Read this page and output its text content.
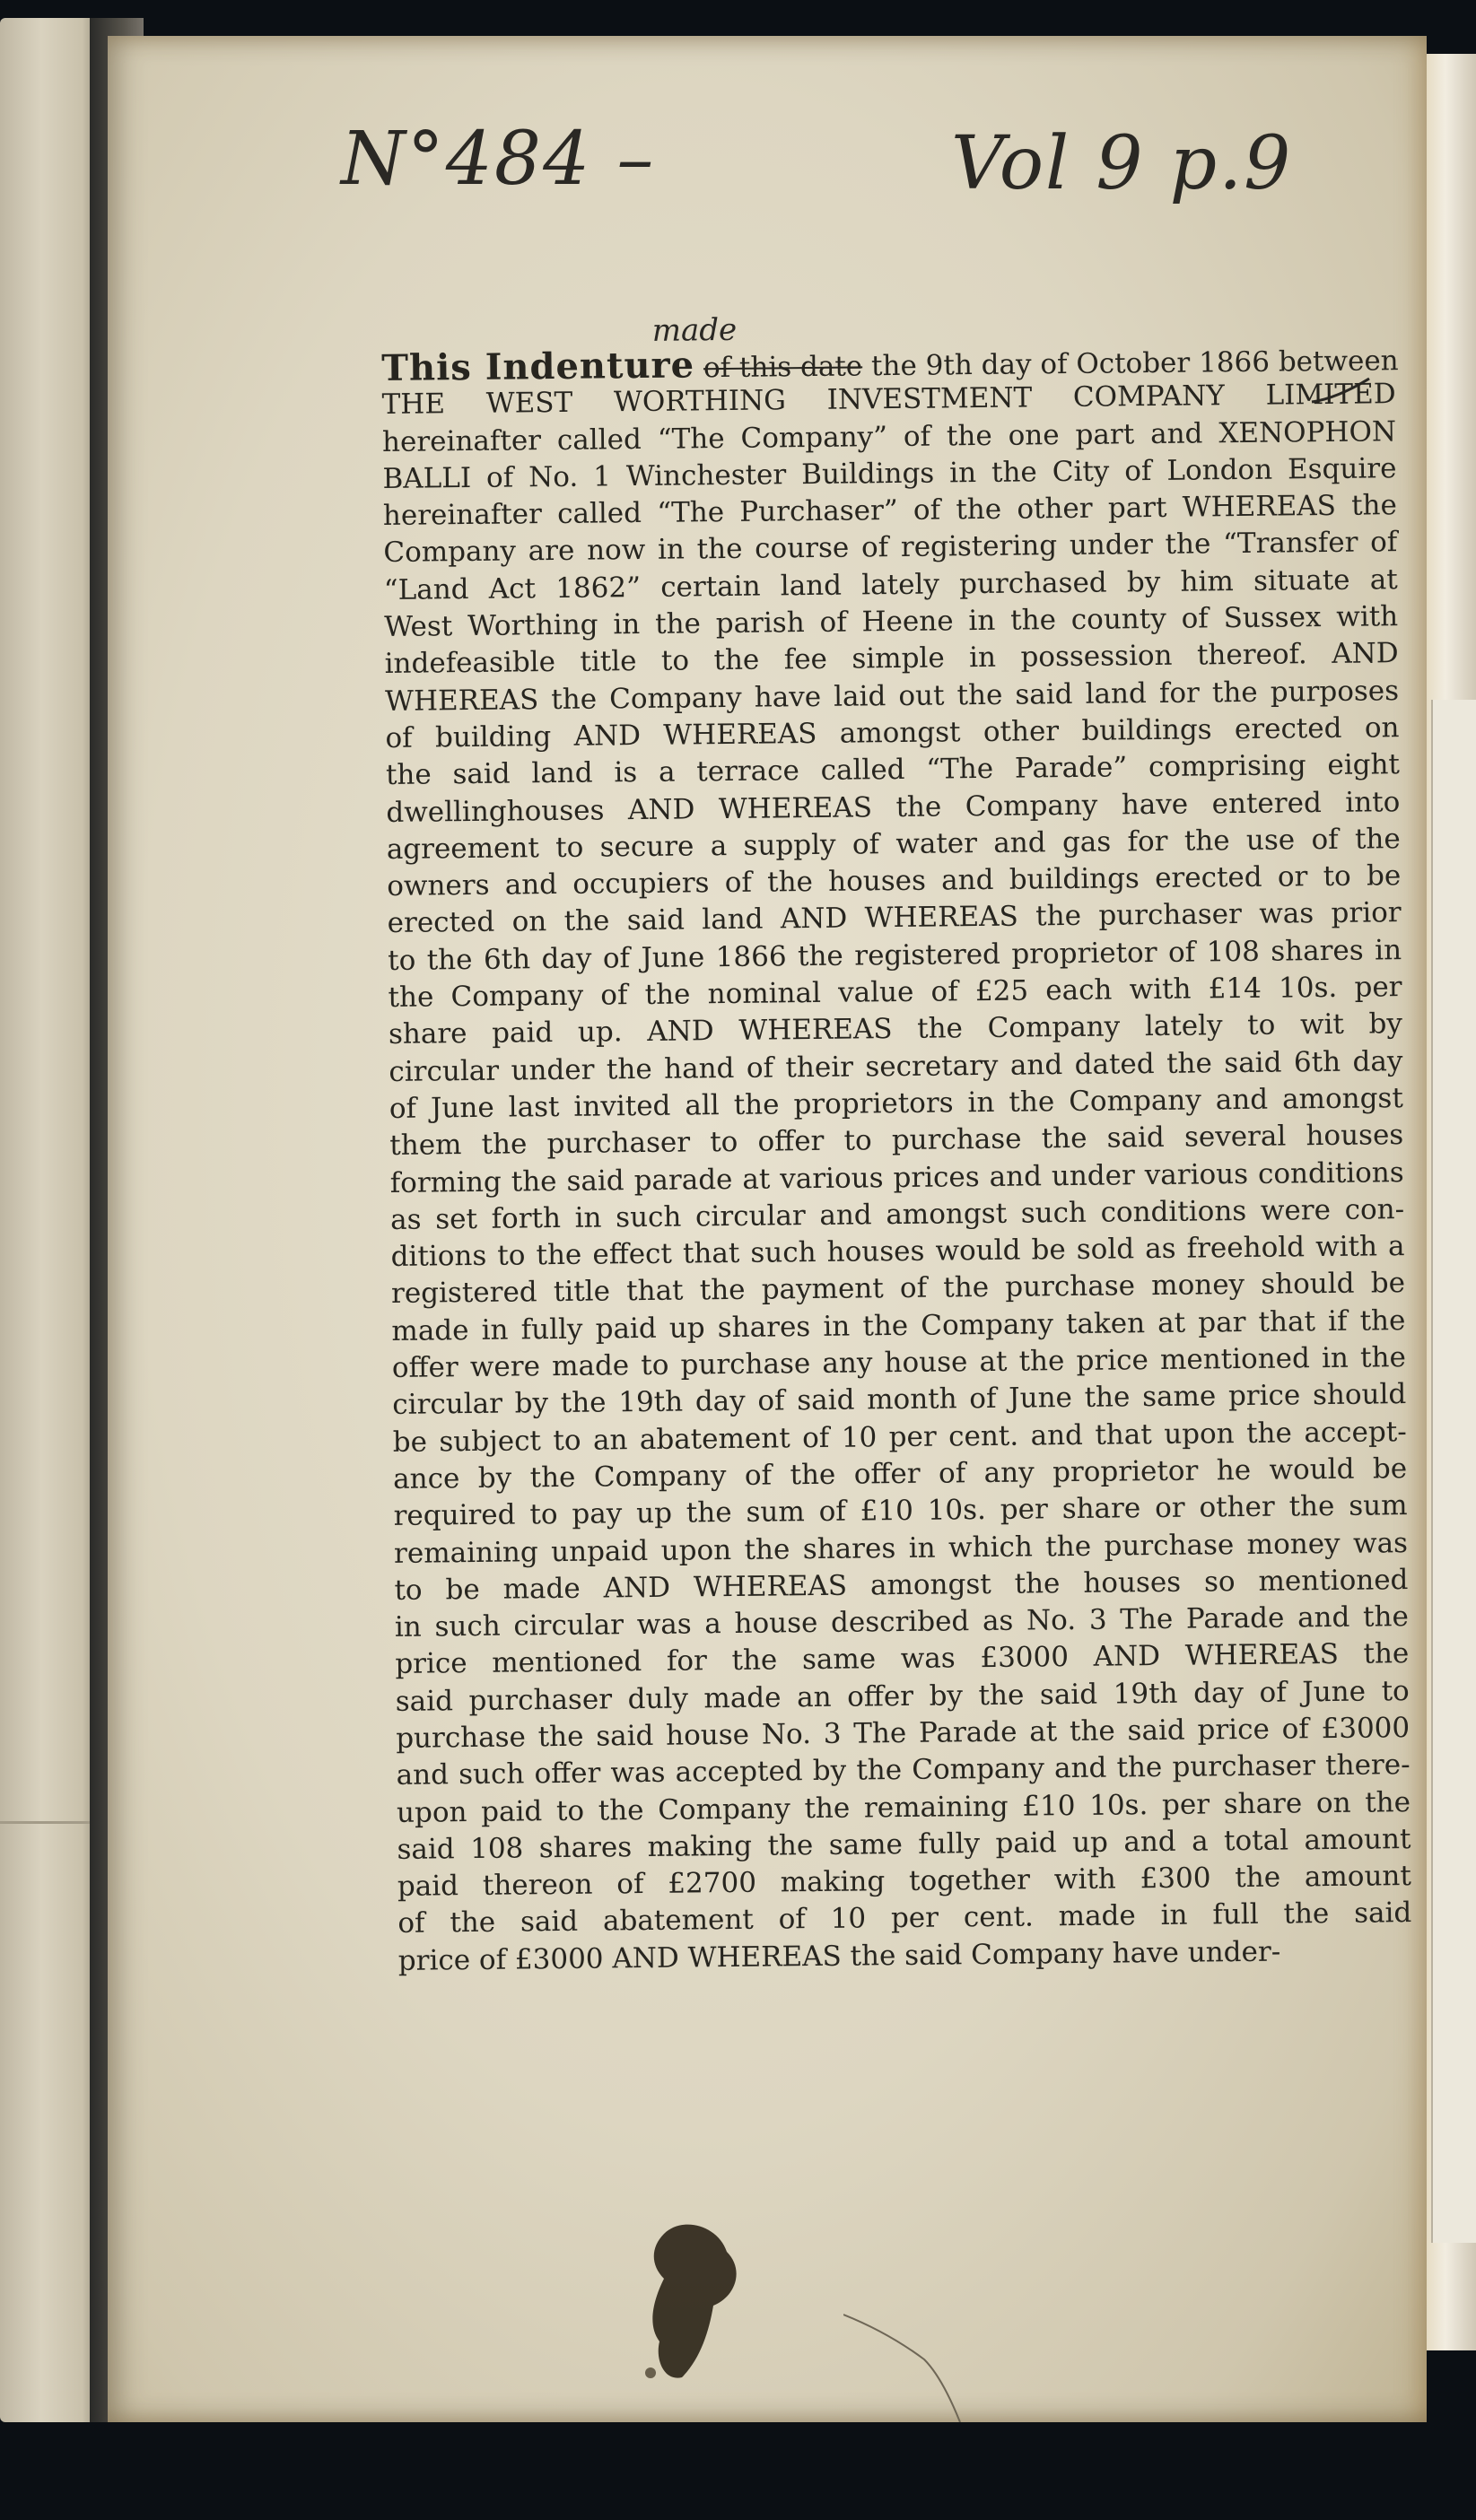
N°484 –	Vol 9 p.9
made
This Indenture of this date the 9th day of October 1866 between
THE WEST WORTHING INVESTMENT COMPANY LIMITED
hereinafter called “The Company” of the one part and XENOPHON
BALLI of No. 1 Winchester Buildings in the City of London Esquire
hereinafter called “The Purchaser” of the other part WHEREAS the
Company are now in the course of registering under the “Transfer of
“Land Act 1862” certain land lately purchased by him situate at
West Worthing in the parish of Heene in the county of Sussex with
indefeasible title to the fee simple in possession thereof. AND
WHEREAS the Company have laid out the said land for the purposes
of building AND WHEREAS amongst other buildings erected on
the said land is a terrace called “The Parade” comprising eight
dwellinghouses AND WHEREAS the Company have entered into
agreement to secure a supply of water and gas for the use of the
owners and occupiers of the houses and buildings erected or to be
erected on the said land AND WHEREAS the purchaser was prior
to the 6th day of June 1866 the registered proprietor of 108 shares in
the Company of the nominal value of £25 each with £14 10s. per
share paid up. AND WHEREAS the Company lately to wit by
circular under the hand of their secretary and dated the said 6th day
of June last invited all the proprietors in the Company and amongst
them the purchaser to offer to purchase the said several houses
forming the said parade at various prices and under various conditions
as set forth in such circular and amongst such conditions were con-
ditions to the effect that such houses would be sold as freehold with a
registered title that the payment of the purchase money should be
made in fully paid up shares in the Company taken at par that if the
offer were made to purchase any house at the price mentioned in the
circular by the 19th day of said month of June the same price should
be subject to an abatement of 10 per cent. and that upon the accept-
ance by the Company of the offer of any proprietor he would be
required to pay up the sum of £10 10s. per share or other the sum
remaining unpaid upon the shares in which the purchase money was
to be made AND WHEREAS amongst the houses so mentioned
in such circular was a house described as No. 3 The Parade and the
price mentioned for the same was £3000 AND WHEREAS the
said purchaser duly made an offer by the said 19th day of June to
purchase the said house No. 3 The Parade at the said price of £3000
and such offer was accepted by the Company and the purchaser there-
upon paid to the Company the remaining £10 10s. per share on the
said 108 shares making the same fully paid up and a total amount
paid thereon of £2700 making together with £300 the amount
of the said abatement of 10 per cent. made in full the said
price of £3000 AND WHEREAS the said Company have under-
